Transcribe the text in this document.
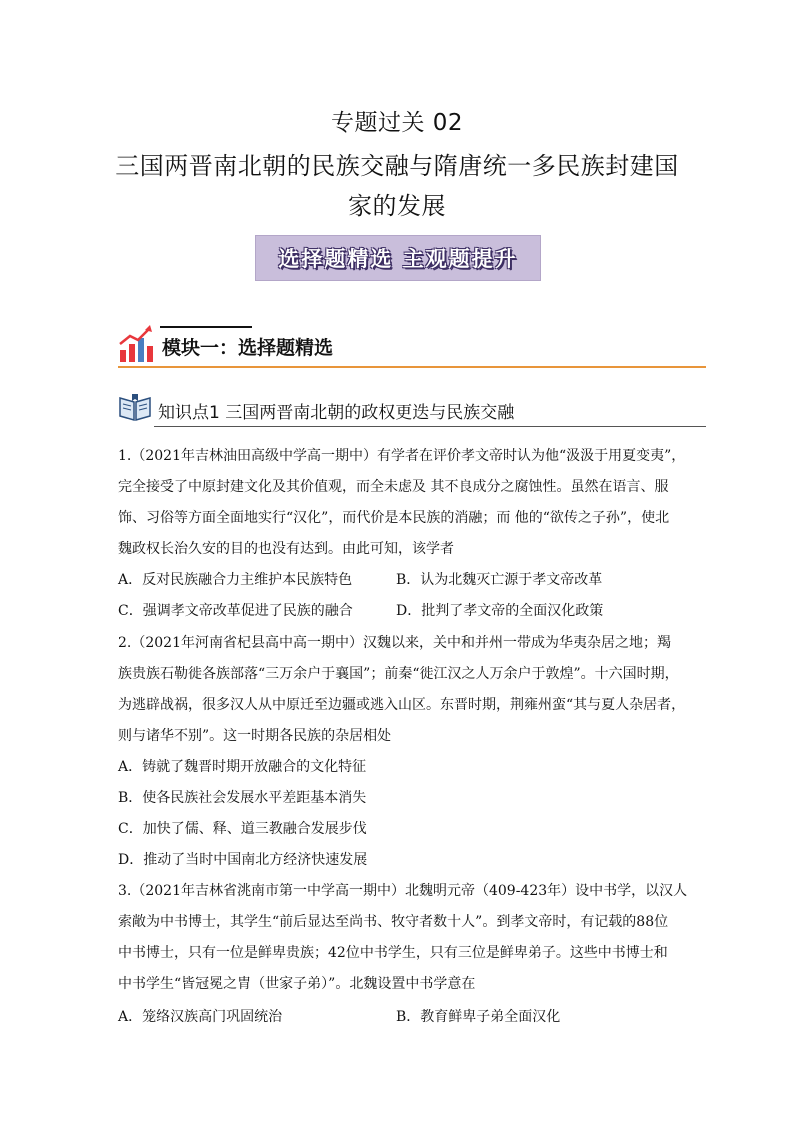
专题过关 02
三国两晋南北朝的民族交融与隋唐统一多民族封建国
家的发展
选择题精选 主观题提升
模块一：选择题精选
知识点1 三国两晋南北朝的政权更迭与民族交融
1.（2021年吉林油田高级中学高一期中）有学者在评价孝文帝时认为他“汲汲于用夏变夷”，
完全接受了中原封建文化及其价值观，而全未虑及 其不良成分之腐蚀性。虽然在语言、服
饰、习俗等方面全面地实行“汉化”，而代价是本民族的消融；而 他的“欲传之子孙”，使北
魏政权长治久安的目的也没有达到。由此可知，该学者
A．反对民族融合力主维护本民族特色	B．认为北魏灭亡源于孝文帝改革
C．强调孝文帝改革促进了民族的融合	D．批判了孝文帝的全面汉化政策
2.（2021年河南省杞县高中高一期中）汉魏以来，关中和并州一带成为华夷杂居之地；羯
族贵族石勒徙各族部落“三万余户于襄国”；前秦“徙江汉之人万余户于敦煌”。十六国时期，
为逃辟战祸，很多汉人从中原迁至边疆或逃入山区。东晋时期，荆雍州蛮“其与夏人杂居者，
则与诸华不别”。这一时期各民族的杂居相处
A．铸就了魏晋时期开放融合的文化特征
B．使各民族社会发展水平差距基本消失
C．加快了儒、释、道三教融合发展步伐
D．推动了当时中国南北方经济快速发展
3.（2021年吉林省洮南市第一中学高一期中）北魏明元帝（409-423年）设中书学，以汉人
索敞为中书博士，其学生“前后显达至尚书、牧守者数十人”。到孝文帝时，有记载的88位
中书博士，只有一位是鲜卑贵族；42位中书学生，只有三位是鲜卑弟子。这些中书博士和
中书学生“皆冠冕之胄（世家子弟）”。北魏设置中书学意在
A．笼络汉族高门巩固统治	B．教育鲜卑子弟全面汉化
